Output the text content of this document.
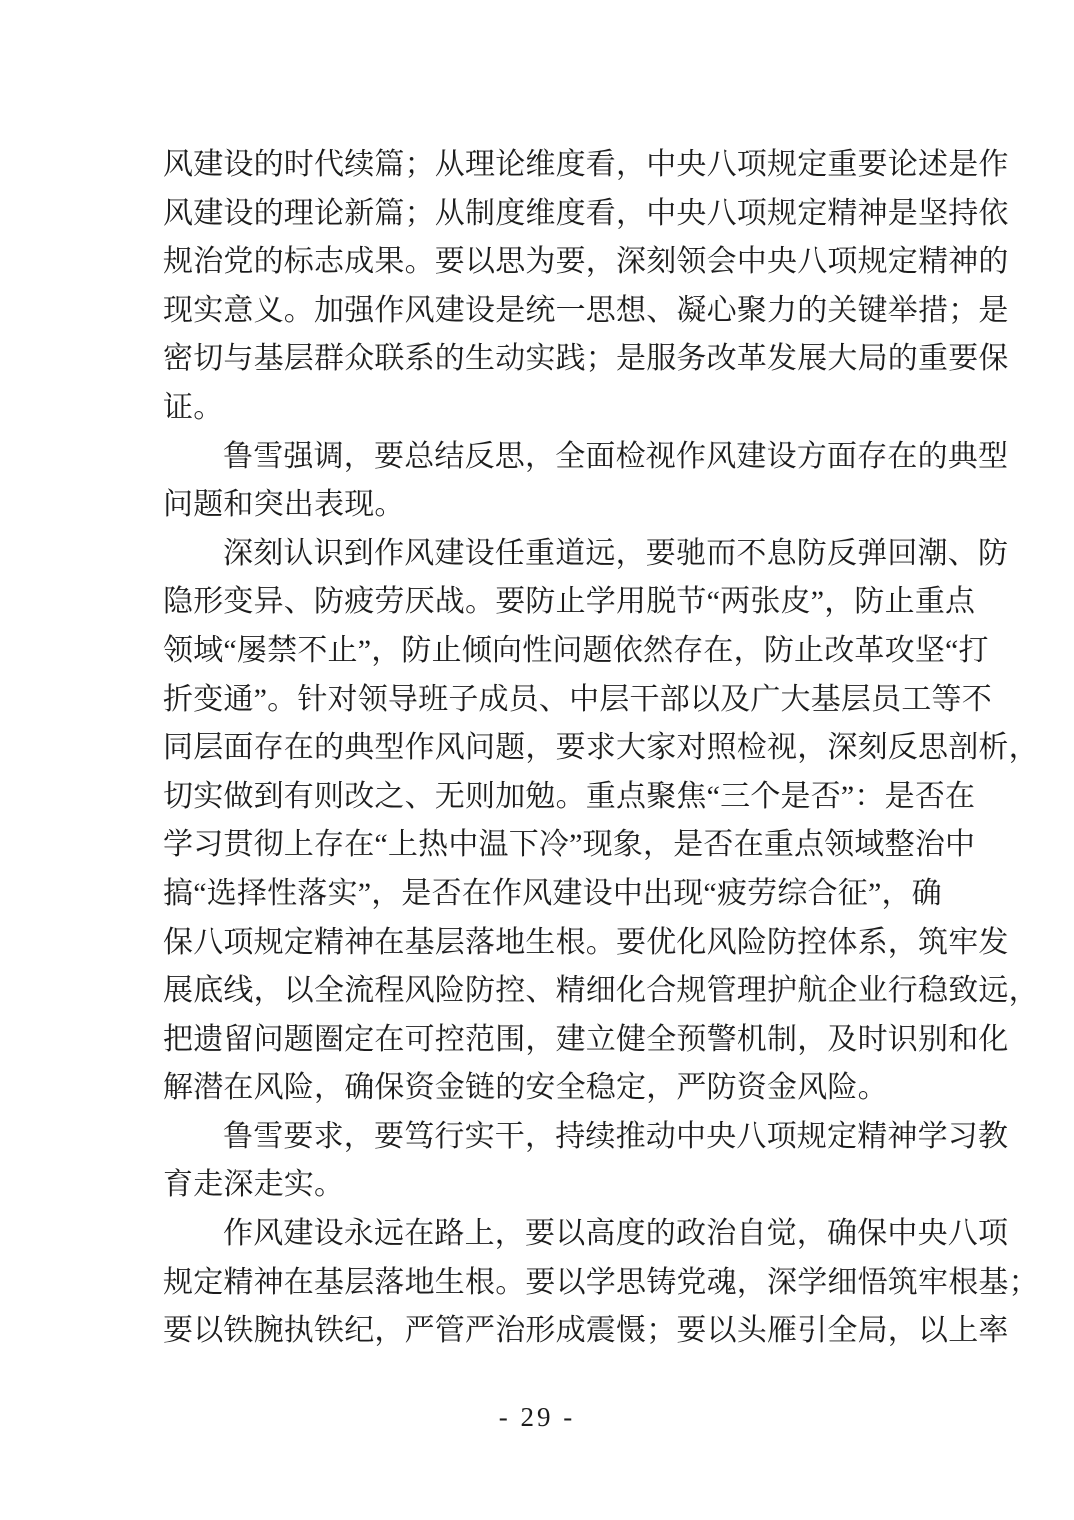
风建设的时代续篇；从理论维度看，中央八项规定重要论述是作
风建设的理论新篇；从制度维度看，中央八项规定精神是坚持依
规治党的标志成果。要以思为要，深刻领会中央八项规定精神的
现实意义。加强作风建设是统一思想、凝心聚力的关键举措；是
密切与基层群众联系的生动实践；是服务改革发展大局的重要保
证。
鲁雪强调，要总结反思，全面检视作风建设方面存在的典型
问题和突出表现。
深刻认识到作风建设任重道远，要驰而不息防反弹回潮、防
隐形变异、防疲劳厌战。要防止学用脱节“两张皮”，防止重点
领域“屡禁不止”，防止倾向性问题依然存在，防止改革攻坚“打
折变通”。针对领导班子成员、中层干部以及广大基层员工等不
同层面存在的典型作风问题，要求大家对照检视，深刻反思剖析，
切实做到有则改之、无则加勉。重点聚焦“三个是否”：是否在
学习贯彻上存在“上热中温下冷”现象，是否在重点领域整治中
搞“选择性落实”，是否在作风建设中出现“疲劳综合征”，确
保八项规定精神在基层落地生根。要优化风险防控体系，筑牢发
展底线，以全流程风险防控、精细化合规管理护航企业行稳致远，
把遗留问题圈定在可控范围，建立健全预警机制，及时识别和化
解潜在风险，确保资金链的安全稳定，严防资金风险。
鲁雪要求，要笃行实干，持续推动中央八项规定精神学习教
育走深走实。
作风建设永远在路上，要以高度的政治自觉，确保中央八项
规定精神在基层落地生根。要以学思铸党魂，深学细悟筑牢根基；
要以铁腕执铁纪，严管严治形成震慑；要以头雁引全局，以上率
- 29 -
